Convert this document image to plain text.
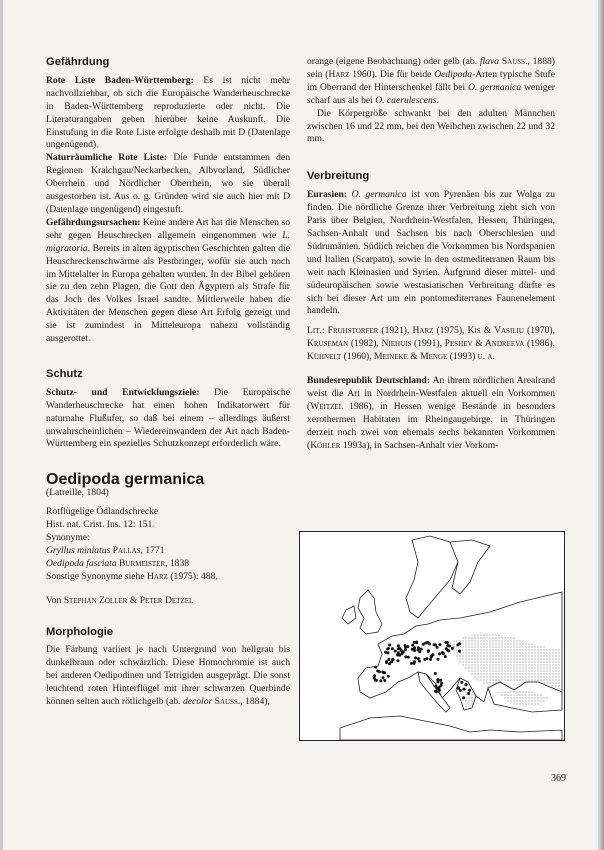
Gefährdung

Rote Liste Baden-Württemberg: Es ist nicht mehr nachvollziehbar, ob sich die Europäische Wanderheuschrecke in Baden-Württemberg reproduzierte oder nicht. Die Literaturangaben geben hierüber keine Auskunft. Die Einstufung in die Rote Liste erfolgte deshalb mit D (Datenlage ungenügend).

Naturräumliche Rote Liste: Die Funde entstammen den Regionen Kraichgau/Neckarbecken, Albvorland, Südlicher Oberrhein und Nördlicher Oberrhein, wo sie überall ausgestorben ist. Aus o. g. Gründen wird sie auch hier mit D (Datenlage ungenügend) eingestuft.

Gefährdungsursachen: Keine andere Art hat die Menschen so sehr gegen Heuschrecken allgemein eingenommen wie L. migratoria. Bereits in alten ägyptischen Geschichten galten die Heuschreckenschwärme als Pestbringer, wofür sie auch noch im Mittelalter in Europa gehalten wurden. In der Bibel gehören sie zu den zehn Plagen, die Gott den Ägyptern als Strafe für das Joch des Volkes Israel sandte. Mittlerweile haben die Aktivitäten der Menschen gegen diese Art Erfolg gezeigt und sie ist zumindest in Mitteleuropa nahezu vollständig ausgerottet.

Schutz

Schutz- und Entwicklungsziele: Die Europäische Wanderheuschrecke hat einen hohen Indikatorwert für naturnahe Flußufer, so daß bei einem – allerdings äußerst unwahrscheinlichen – Wiedereinwandern der Art nach Baden-Württemberg ein spezielles Schutzkonzept erforderlich wäre.

Oedipoda germanica

(Latreille, 1804)

Rotflügelige Ödlandschrecke

Hist. nat. Crist. Ins. 12: 151.

Synonyme:

Gryllus miniatus Pallas, 1771

Oedipoda fasciata Burmeister, 1838

Sonstige Synonyme siehe Harz (1975): 488.

Von Stephan Zöller & Peter Detzel

Morphologie

Die Färbung variiert je nach Untergrund von hellgrau bis dunkelbraun oder schwärzlich. Diese Homochromie ist auch bei anderen Oedipodinen und Tetrigiden ausgeprägt. Die sonst leuchtend roten Hinterflügel mit ihrer schwarzen Querbinde können selten auch rötlichgelb (ab. decolor Sauss., 1884),

orange (eigene Beobachtung) oder gelb (ab. flava Sauss., 1888) sein (Harz 1960). Die für beide Oedipoda-Arten typische Stufe im Oberrand der Hinterschenkel fällt bei O. germanica weniger scharf aus als bei O. caerulescens.

Die Körpergröße schwankt bei den adulten Männchen zwischen 16 und 22 mm, bei den Weibchen zwischen 22 und 32 mm.

Verbreitung

Eurasien: O. germanica ist von Pyrenäen bis zur Wolga zu finden. Die nördliche Grenze ihrer Verbreitung zieht sich von Paris über Belgien, Nordrhein-Westfalen, Hessen, Thüringen, Sachsen-Anhalt und Sachsen bis nach Oberschlesien und Südrumänien. Südlich reichen die Vorkommen bis Nordspanien und Italien (Scarpato), sowie in den ostmediterranen Raum bis weit nach Kleinasien und Syrien. Aufgrund dieser mittel- und südeuropäischen sowie westasiatischen Verbreitung dürfte es sich bei dieser Art um ein pontomediterranes Faunenelement handeln.

Lit.: Fruhstorfer (1921), Harz (1975), Kis & Vasiliu (1970), Kruseman (1982), Niehuis (1991), Peshev & Andreeva (1986), Kühnelt (1960), Meineke & Menge (1993) u. a.

Bundesrepublik Deutschland: An ihrem nördlichen Arealrand weist die Art in Nordrhein-Westfalen aktuell ein Vorkommen (Weitzel 1986), in Hessen wenige Bestände in besonders xerothermen Habitaten im Rheingaugebirge, in Thüringen derzeit noch zwei von ehemals sechs bekannten Vorkommen (Köhler 1993a), in Sachsen-Anhalt vier Vorkom-

369
